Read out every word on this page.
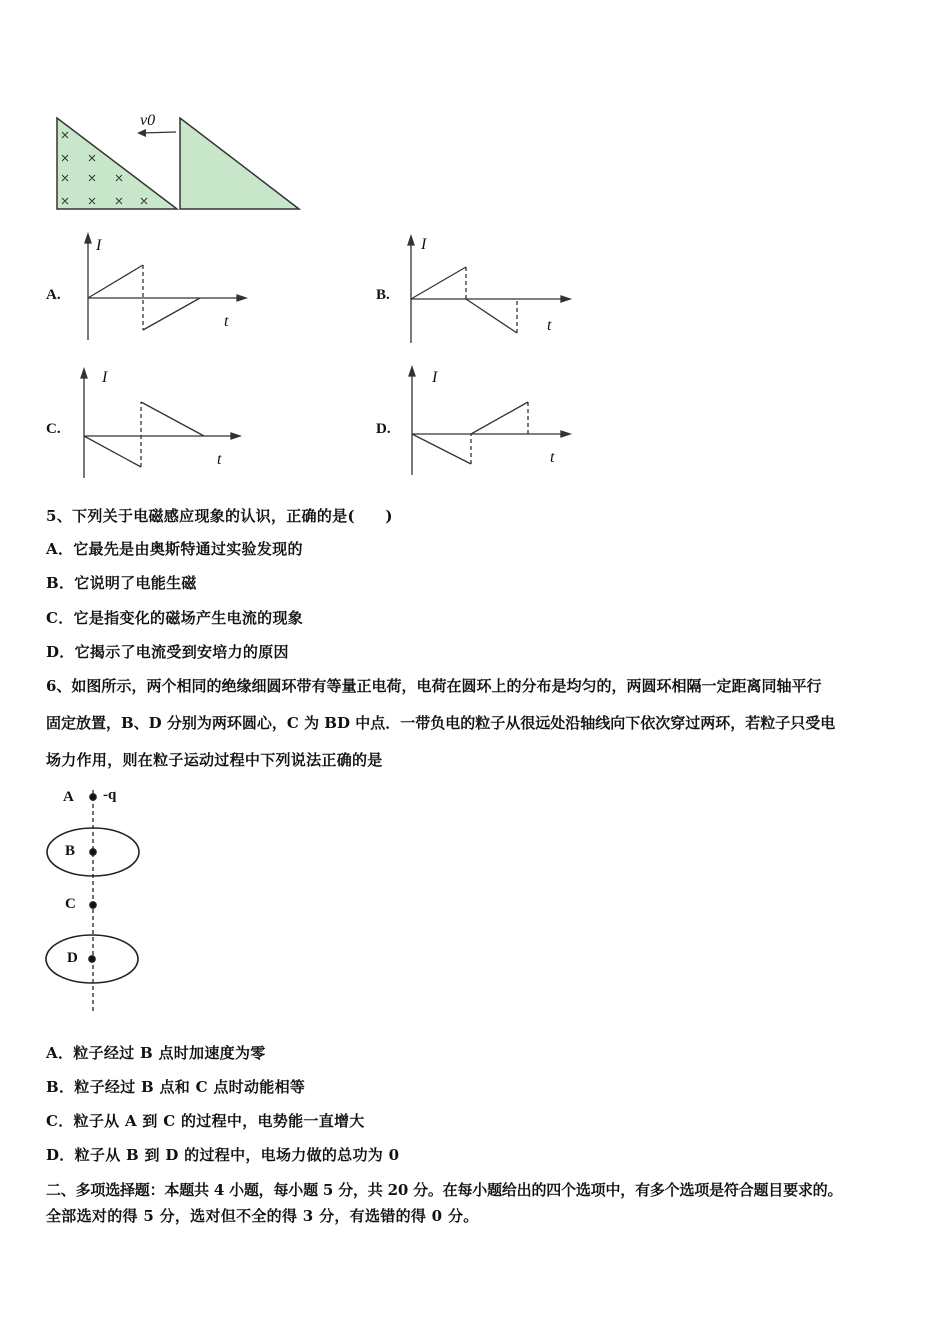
v0
A.
I
t
B.
I
t
C.
I
t
D.
I
t
5、下列关于电磁感应现象的认识，正确的是(　　)
A．它最先是由奥斯特通过实验发现的
B．它说明了电能生磁
C．它是指变化的磁场产生电流的现象
D．它揭示了电流受到安培力的原因
6、如图所示，两个相同的绝缘细圆环带有等量正电荷，电荷在圆环上的分布是均匀的，两圆环相隔一定距离同轴平行
固定放置，B、D 分别为两环圆心，C 为 BD 中点．一带负电的粒子从很远处沿轴线向下依次穿过两环，若粒子只受电
场力作用，则在粒子运动过程中下列说法正确的是
A -q
B
C
D
A．粒子经过 B 点时加速度为零
B．粒子经过 B 点和 C 点时动能相等
C．粒子从 A 到 C 的过程中，电势能一直增大
D．粒子从 B 到 D 的过程中，电场力做的总功为 0
二、多项选择题：本题共 4 小题，每小题 5 分，共 20 分。在每小题给出的四个选项中，有多个选项是符合题目要求的。
全部选对的得 5 分，选对但不全的得 3 分，有选错的得 0 分。
